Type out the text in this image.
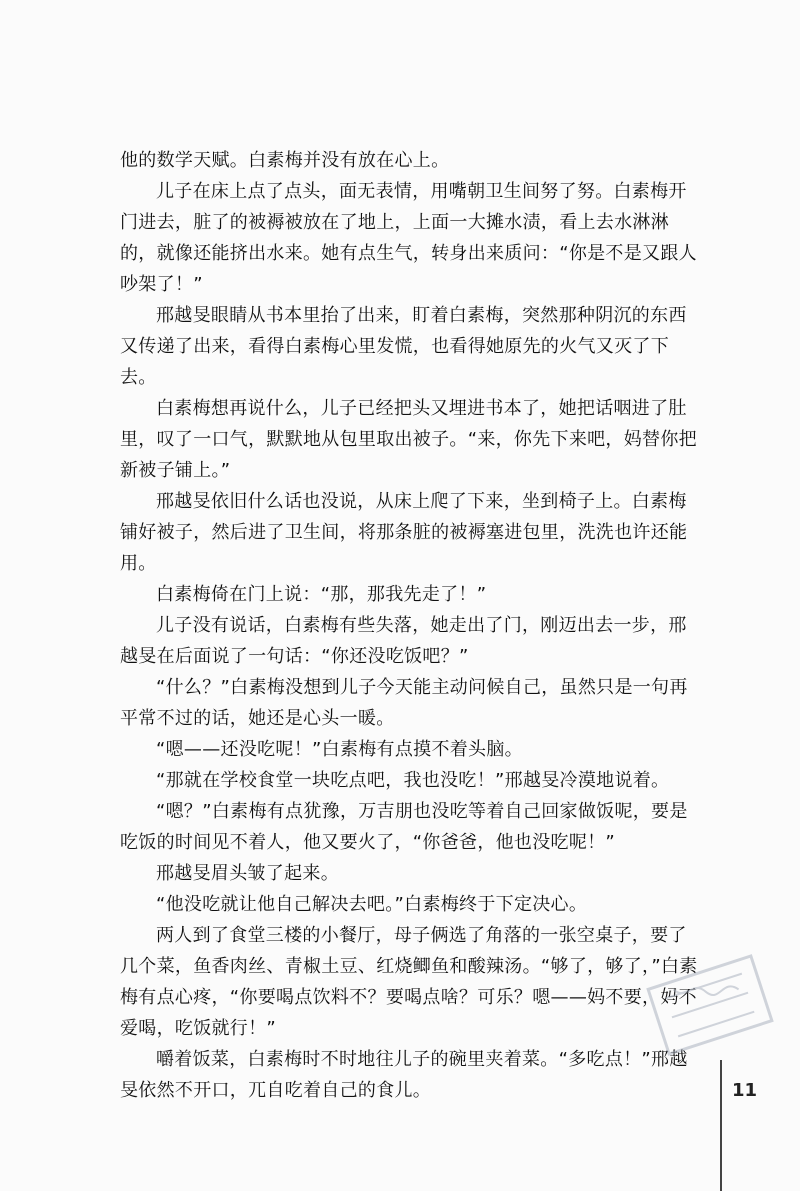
他的数学天赋。白素梅并没有放在心上。

儿子在床上点了点头，面无表情，用嘴朝卫生间努了努。白素梅开门进去，脏了的被褥被放在了地上，上面一大摊水渍，看上去水淋淋的，就像还能挤出水来。她有点生气，转身出来质问：“你是不是又跟人吵架了！”

邢越旻眼睛从书本里抬了出来，盯着白素梅，突然那种阴沉的东西又传递了出来，看得白素梅心里发慌，也看得她原先的火气又灭了下去。

白素梅想再说什么，儿子已经把头又埋进书本了，她把话咽进了肚里，叹了一口气，默默地从包里取出被子。“来，你先下来吧，妈替你把新被子铺上。”

邢越旻依旧什么话也没说，从床上爬了下来，坐到椅子上。白素梅铺好被子，然后进了卫生间，将那条脏的被褥塞进包里，洗洗也许还能用。

白素梅倚在门上说：“那，那我先走了！”

儿子没有说话，白素梅有些失落，她走出了门，刚迈出去一步，邢越旻在后面说了一句话：“你还没吃饭吧？”

“什么？”白素梅没想到儿子今天能主动问候自己，虽然只是一句再平常不过的话，她还是心头一暖。

“嗯——还没吃呢！”白素梅有点摸不着头脑。

“那就在学校食堂一块吃点吧，我也没吃！”邢越旻冷漠地说着。

“嗯？”白素梅有点犹豫，万吉朋也没吃等着自己回家做饭呢，要是吃饭的时间见不着人，他又要火了，“你爸爸，他也没吃呢！”

邢越旻眉头皱了起来。

“他没吃就让他自己解决去吧。”白素梅终于下定决心。

两人到了食堂三楼的小餐厅，母子俩选了角落的一张空桌子，要了几个菜，鱼香肉丝、青椒土豆、红烧鲫鱼和酸辣汤。“够了，够了，”白素梅有点心疼，“你要喝点饮料不？要喝点啥？可乐？嗯——妈不要，妈不爱喝，吃饭就行！”

嚼着饭菜，白素梅时不时地往儿子的碗里夹着菜。“多吃点！”邢越旻依然不开口，兀自吃着自己的食儿。	11
